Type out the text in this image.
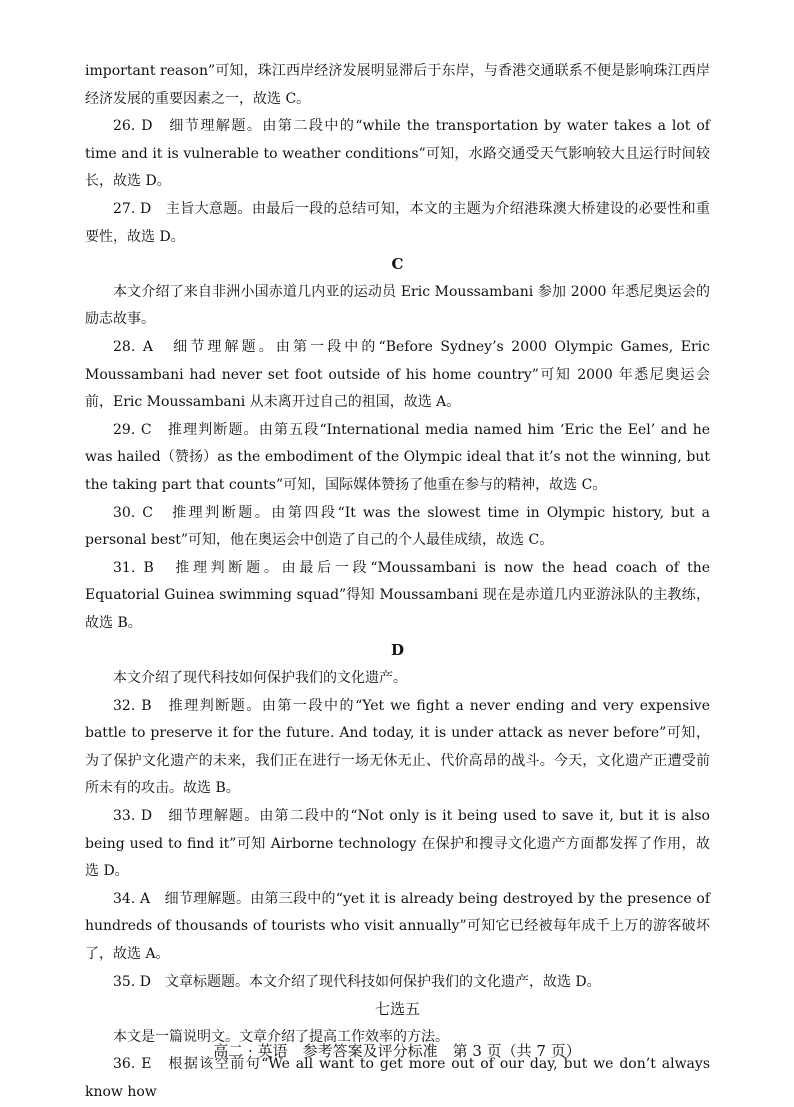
important reason”可知，珠江西岸经济发展明显滞后于东岸，与香港交通联系不便是影响珠江西岸经济发展的重要因素之一，故选 C。

26. D　细节理解题。由第二段中的“while the transportation by water takes a lot of time and it is vulnerable to weather conditions”可知，水路交通受天气影响较大且运行时间较长，故选 D。

27. D　主旨大意题。由最后一段的总结可知，本文的主题为介绍港珠澳大桥建设的必要性和重要性，故选 D。

C

本文介绍了来自非洲小国赤道几内亚的运动员 Eric Moussambani 参加 2000 年悉尼奥运会的励志故事。

28. A　细节理解题。由第一段中的“Before Sydney’s 2000 Olympic Games, Eric Moussambani had never set foot outside of his home country”可知 2000 年悉尼奥运会前，Eric Moussambani 从未离开过自己的祖国，故选 A。

29. C　推理判断题。由第五段“International media named him ‘Eric the Eel’ and he was hailed（赞扬）as the embodiment of the Olympic ideal that it’s not the winning, but the taking part that counts”可知，国际媒体赞扬了他重在参与的精神，故选 C。

30. C　推理判断题。由第四段“It was the slowest time in Olympic history, but a personal best”可知，他在奥运会中创造了自己的个人最佳成绩，故选 C。

31. B　推理判断题。由最后一段“Moussambani is now the head coach of the Equatorial Guinea swimming squad”得知 Moussambani 现在是赤道几内亚游泳队的主教练，故选 B。

D

本文介绍了现代科技如何保护我们的文化遗产。

32. B　推理判断题。由第一段中的“Yet we fight a never ending and very expensive battle to preserve it for the future. And today, it is under attack as never before”可知，为了保护文化遗产的未来，我们正在进行一场无休无止、代价高昂的战斗。今天，文化遗产正遭受前所未有的攻击。故选 B。

33. D　细节理解题。由第二段中的“Not only is it being used to save it, but it is also being used to find it”可知 Airborne technology 在保护和搜寻文化遗产方面都发挥了作用，故选 D。

34. A　细节理解题。由第三段中的“yet it is already being destroyed by the presence of hundreds of thousands of tourists who visit annually”可知它已经被每年成千上万的游客破坏了，故选 A。

35. D　文章标题题。本文介绍了现代科技如何保护我们的文化遗产，故选 D。

七选五

本文是一篇说明文。文章介绍了提高工作效率的方法。

36. E　根据该空前句“We all want to get more out of our day, but we don’t always know how

高二 · 英语　参考答案及评分标准　第 3 页（共 7 页）
